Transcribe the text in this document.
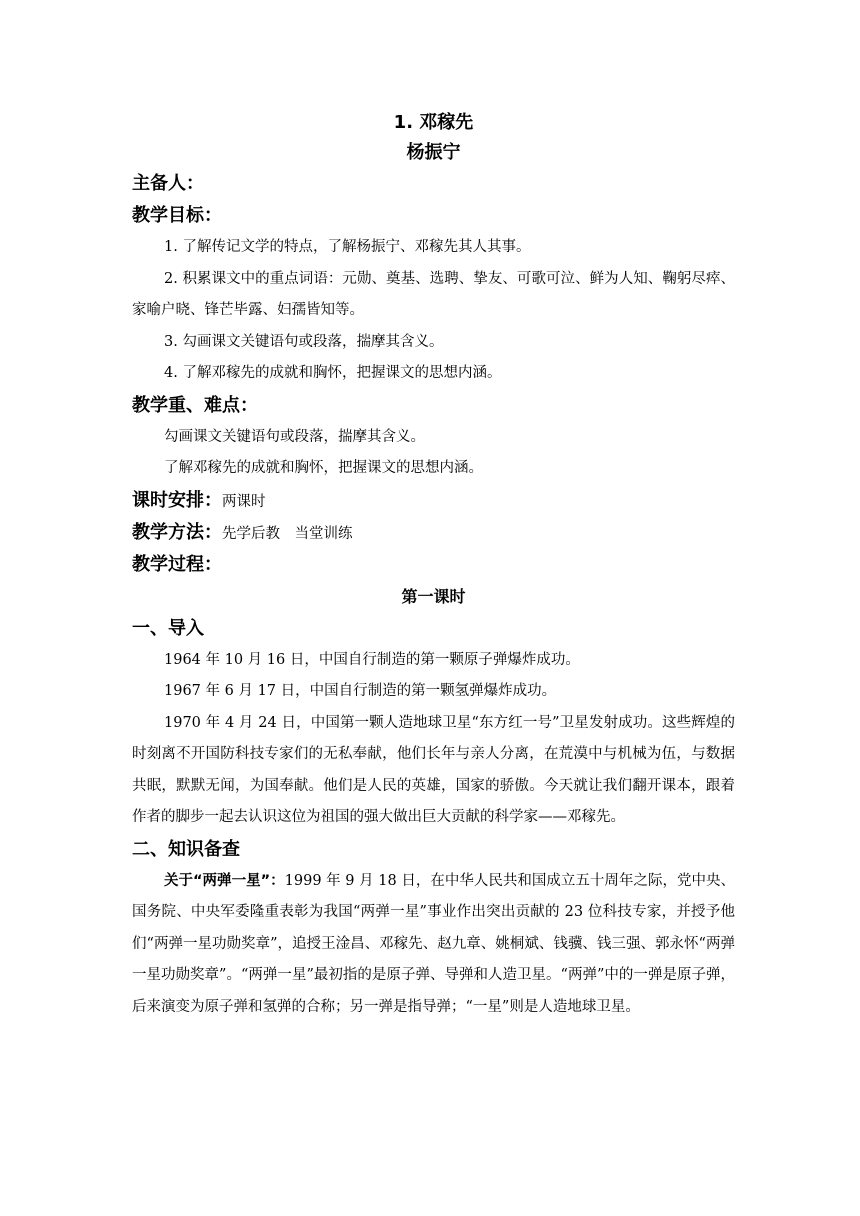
1. 邓稼先
杨振宁
主备人：
教学目标：
1. 了解传记文学的特点，了解杨振宁、邓稼先其人其事。
2. 积累课文中的重点词语：元勋、奠基、选聘、挚友、可歌可泣、鲜为人知、鞠躬尽瘁、家喻户晓、锋芒毕露、妇孺皆知等。
3. 勾画课文关键语句或段落，揣摩其含义。
4. 了解邓稼先的成就和胸怀，把握课文的思想内涵。
教学重、难点：
勾画课文关键语句或段落，揣摩其含义。
了解邓稼先的成就和胸怀，把握课文的思想内涵。
课时安排：两课时
教学方法：先学后教　当堂训练
教学过程：
第一课时
一、导入
1964 年 10 月 16 日，中国自行制造的第一颗原子弹爆炸成功。
1967 年 6 月 17 日，中国自行制造的第一颗氢弹爆炸成功。
1970 年 4 月 24 日，中国第一颗人造地球卫星“东方红一号”卫星发射成功。这些辉煌的时刻离不开国防科技专家们的无私奉献，他们长年与亲人分离，在荒漠中与机械为伍，与数据共眠，默默无闻，为国奉献。他们是人民的英雄，国家的骄傲。今天就让我们翻开课本，跟着作者的脚步一起去认识这位为祖国的强大做出巨大贡献的科学家——邓稼先。
二、知识备查
关于“两弹一星”：1999 年 9 月 18 日，在中华人民共和国成立五十周年之际，党中央、国务院、中央军委隆重表彰为我国“两弹一星”事业作出突出贡献的 23 位科技专家，并授予他们“两弹一星功勋奖章”，追授王淦昌、邓稼先、赵九章、姚桐斌、钱骥、钱三强、郭永怀“两弹一星功勋奖章”。“两弹一星”最初指的是原子弹、导弹和人造卫星。“两弹”中的一弹是原子弹，后来演变为原子弹和氢弹的合称；另一弹是指导弹；“一星”则是人造地球卫星。
